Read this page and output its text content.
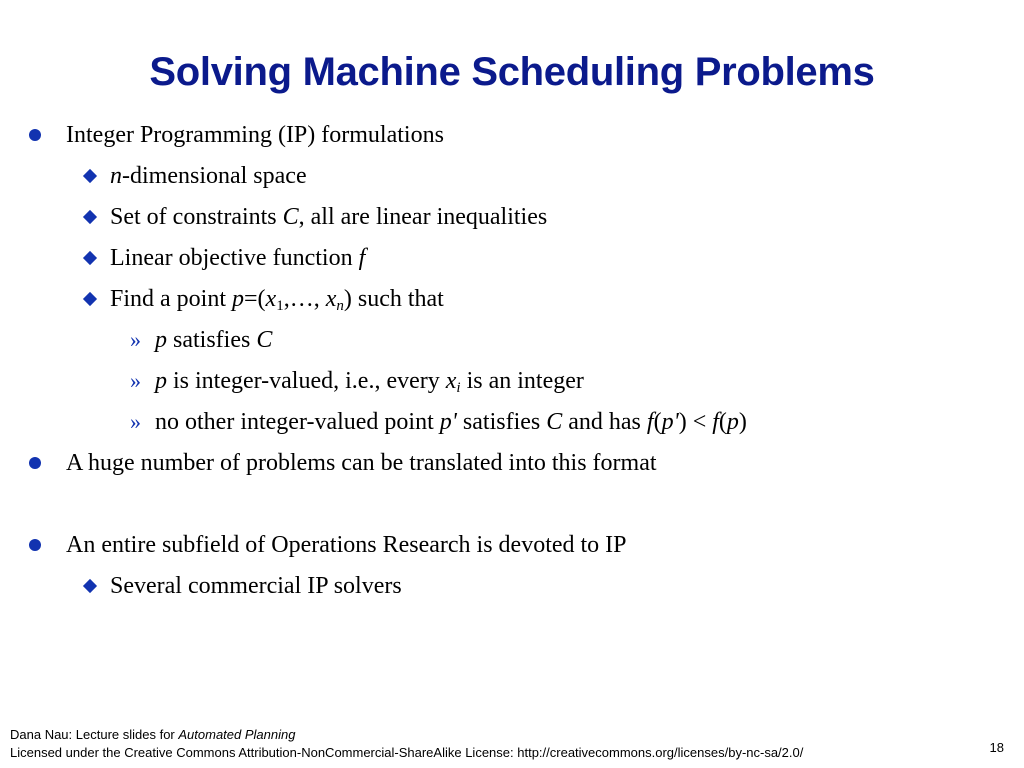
Solving Machine Scheduling Problems
Integer Programming (IP) formulations
n-dimensional space
Set of constraints C, all are linear inequalities
Linear objective function f
Find a point $p=(x_1,\dots$, $x_n$) such that
» p satisfies C
» p is integer-valued, i.e., every $x_i$ is an integer
» no other integer-valued point p' satisfies C and has f(p') < f(p)
A huge number of problems can be translated into this format
An entire subfield of Operations Research is devoted to IP
Several commercial IP solvers
Dana Nau: Lecture slides for Automated Planning
Licensed under the Creative Commons Attribution-NonCommercial-ShareAlike License: http://creativecommons.org/licenses/by-nc-sa/2.0/	18
